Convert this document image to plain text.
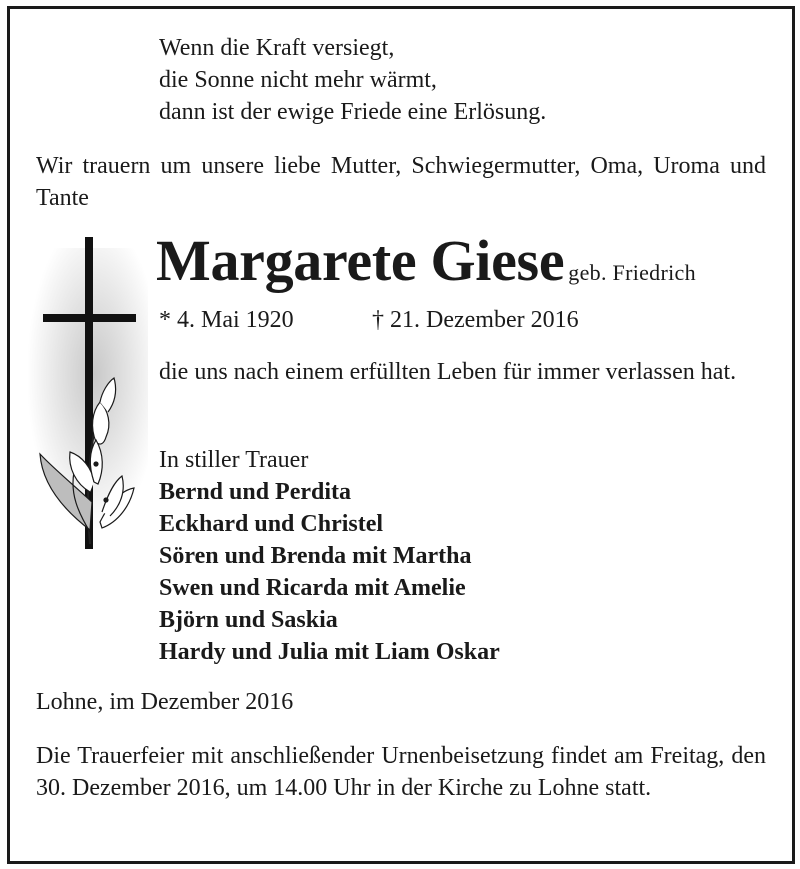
Wenn die Kraft versiegt,

die Sonne nicht mehr wärmt,

dann ist der ewige Friede eine Erlösung.

Wir trauern um unsere liebe Mutter, Schwiegermutter, Oma, Uroma und Tante

Margarete Giese geb. Friedrich

* 4. Mai 1920	† 21. Dezember 2016

die uns nach einem erfüllten Leben für immer verlassen hat.

In stiller Trauer

Bernd und Perdita

Eckhard und Christel

Sören und Brenda mit Martha

Swen und Ricarda mit Amelie

Björn und Saskia

Hardy und Julia mit Liam Oskar

Lohne, im Dezember 2016

Die Trauerfeier mit anschließender Urnenbeisetzung findet am Freitag, den 30. Dezember 2016, um 14.00 Uhr in der Kirche zu Lohne statt.
